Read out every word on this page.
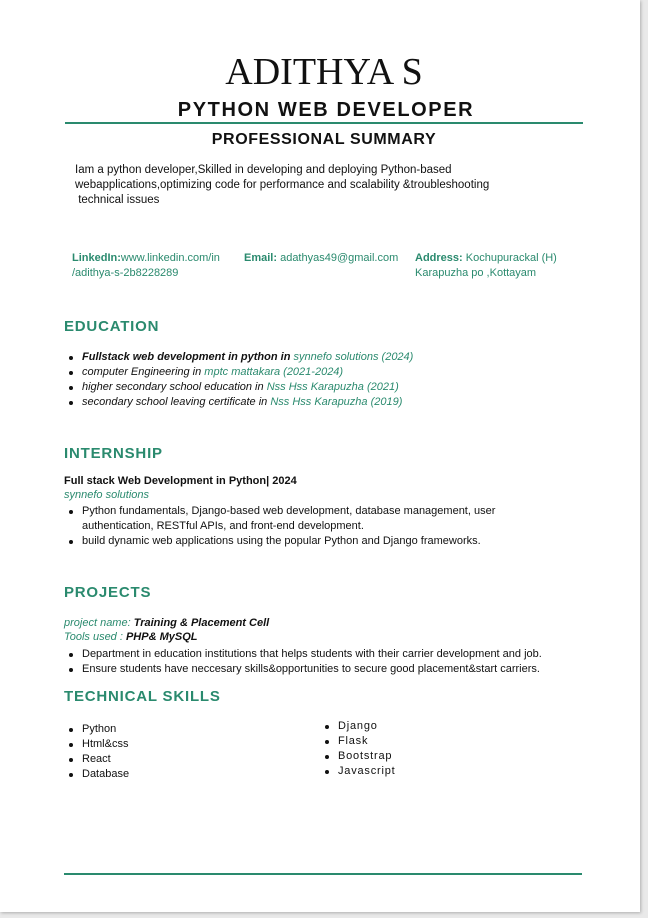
ADITHYA S
PYTHON WEB DEVELOPER
PROFESSIONAL SUMMARY
Iam a python developer,Skilled in developing and deploying Python-based
webapplications,optimizing code for performance and scalability &troubleshooting
technical issues
LinkedIn:www.linkedin.com/in
/adithya-s-2b8228289
Email: adathyas49@gmail.com Address: Kochupurackal (H)
Karapuzha po ,Kottayam
EDUCATION
Fullstack web development in python in synnefo solutions (2024)
computer Engineering in mptc mattakara (2021-2024)
higher secondary school education in Nss Hss Karapuzha (2021)
secondary school leaving certificate in Nss Hss Karapuzha (2019)
INTERNSHIP
Full stack Web Development in Python| 2024
synnefo solutions
Python fundamentals, Django-based web development, database management, user authentication, RESTful APIs, and front-end development.
build dynamic web applications using the popular Python and Django frameworks.
PROJECTS
project name: Training & Placement Cell
Tools used : PHP& MySQL
Department in education institutions that helps students with their carrier development and job.
Ensure students have neccesary skills&opportunities to secure good placement&start carriers.
TECHNICAL SKILLS
Python
Html&css
React
Database
Django
Flask
Bootstrap
Javascript
